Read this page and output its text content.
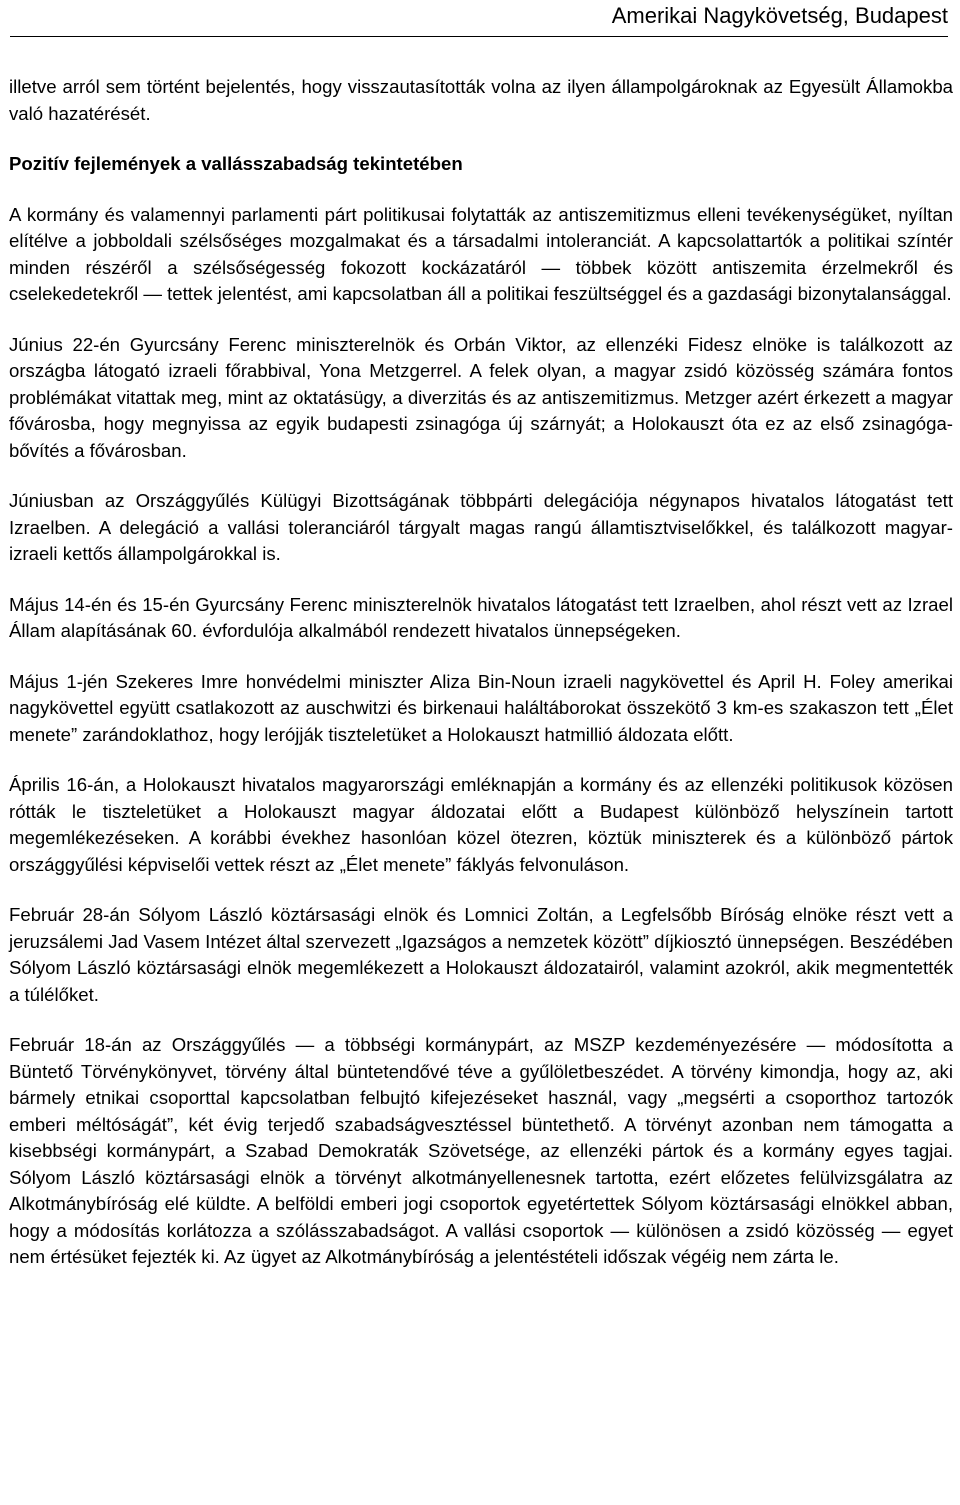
Amerikai Nagykövetség, Budapest

illetve arról sem történt bejelentés, hogy visszautasították volna az ilyen állampolgároknak az Egyesült Államokba való hazatérését.

Pozitív fejlemények a vallásszabadság tekintetében

A kormány és valamennyi parlamenti párt politikusai folytatták az antiszemitizmus elleni tevékenységüket, nyíltan elítélve a jobboldali szélsőséges mozgalmakat és a társadalmi intoleranciát. A kapcsolattartók a politikai színtér minden részéről a szélsőségesség fokozott kockázatáról — többek között antiszemita érzelmekről és cselekedetekről — tettek jelentést, ami kapcsolatban áll a politikai feszültséggel és a gazdasági bizonytalansággal.

Június 22-én Gyurcsány Ferenc miniszterelnök és Orbán Viktor, az ellenzéki Fidesz elnöke is találkozott az országba látogató izraeli főrabbival, Yona Metzgerrel. A felek olyan, a magyar zsidó közösség számára fontos problémákat vitattak meg, mint az oktatásügy, a diverzitás és az antiszemitizmus. Metzger azért érkezett a magyar fővárosba, hogy megnyissa az egyik budapesti zsinagóga új szárnyát; a Holokauszt óta ez az első zsinagóga-bővítés a fővárosban.

Júniusban az Országgyűlés Külügyi Bizottságának többpárti delegációja négynapos hivatalos látogatást tett Izraelben. A delegáció a vallási toleranciáról tárgyalt magas rangú államtisztviselőkkel, és találkozott magyar-izraeli kettős állampolgárokkal is.

Május 14-én és 15-én Gyurcsány Ferenc miniszterelnök hivatalos látogatást tett Izraelben, ahol részt vett az Izrael Állam alapításának 60. évfordulója alkalmából rendezett hivatalos ünnepségeken.

Május 1-jén Szekeres Imre honvédelmi miniszter Aliza Bin-Noun izraeli nagykövettel és April H. Foley amerikai nagykövettel együtt csatlakozott az auschwitzi és birkenaui haláltáborokat összekötő 3 km-es szakaszon tett „Élet menete” zarándoklathoz, hogy lerójják tiszteletüket a Holokauszt hatmillió áldozata előtt.

Április 16-án, a Holokauszt hivatalos magyarországi emléknapján a kormány és az ellenzéki politikusok közösen rótták le tiszteletüket a Holokauszt magyar áldozatai előtt a Budapest különböző helyszínein tartott megemlékezéseken. A korábbi évekhez hasonlóan közel ötezren, köztük miniszterek és a különböző pártok országgyűlési képviselői vettek részt az „Élet menete” fáklyás felvonuláson.

Február 28-án Sólyom László köztársasági elnök és Lomnici Zoltán, a Legfelsőbb Bíróság elnöke részt vett a jeruzsálemi Jad Vasem Intézet által szervezett „Igazságos a nemzetek között” díjkiosztó ünnepségen. Beszédében Sólyom László köztársasági elnök megemlékezett a Holokauszt áldozatairól, valamint azokról, akik megmentették a túlélőket.

Február 18-án az Országgyűlés — a többségi kormánypárt, az MSZP kezdeményezésére — módosította a Büntető Törvénykönyvet, törvény által büntetendővé téve a gyűlöletbeszédet. A törvény kimondja, hogy az, aki bármely etnikai csoporttal kapcsolatban felbujtó kifejezéseket használ, vagy „megsérti a csoporthoz tartozók emberi méltóságát”, két évig terjedő szabadságvesztéssel büntethető. A törvényt azonban nem támogatta a kisebbségi kormánypárt, a Szabad Demokraták Szövetsége, az ellenzéki pártok és a kormány egyes tagjai. Sólyom László köztársasági elnök a törvényt alkotmányellenesnek tartotta, ezért előzetes felülvizsgálatra az Alkotmánybíróság elé küldte. A belföldi emberi jogi csoportok egyetértettek Sólyom köztársasági elnökkel abban, hogy a módosítás korlátozza a szólásszabadságot. A vallási csoportok — különösen a zsidó közösség — egyet nem értésüket fejezték ki. Az ügyet az Alkotmánybíróság a jelentéstételi időszak végéig nem zárta le.
